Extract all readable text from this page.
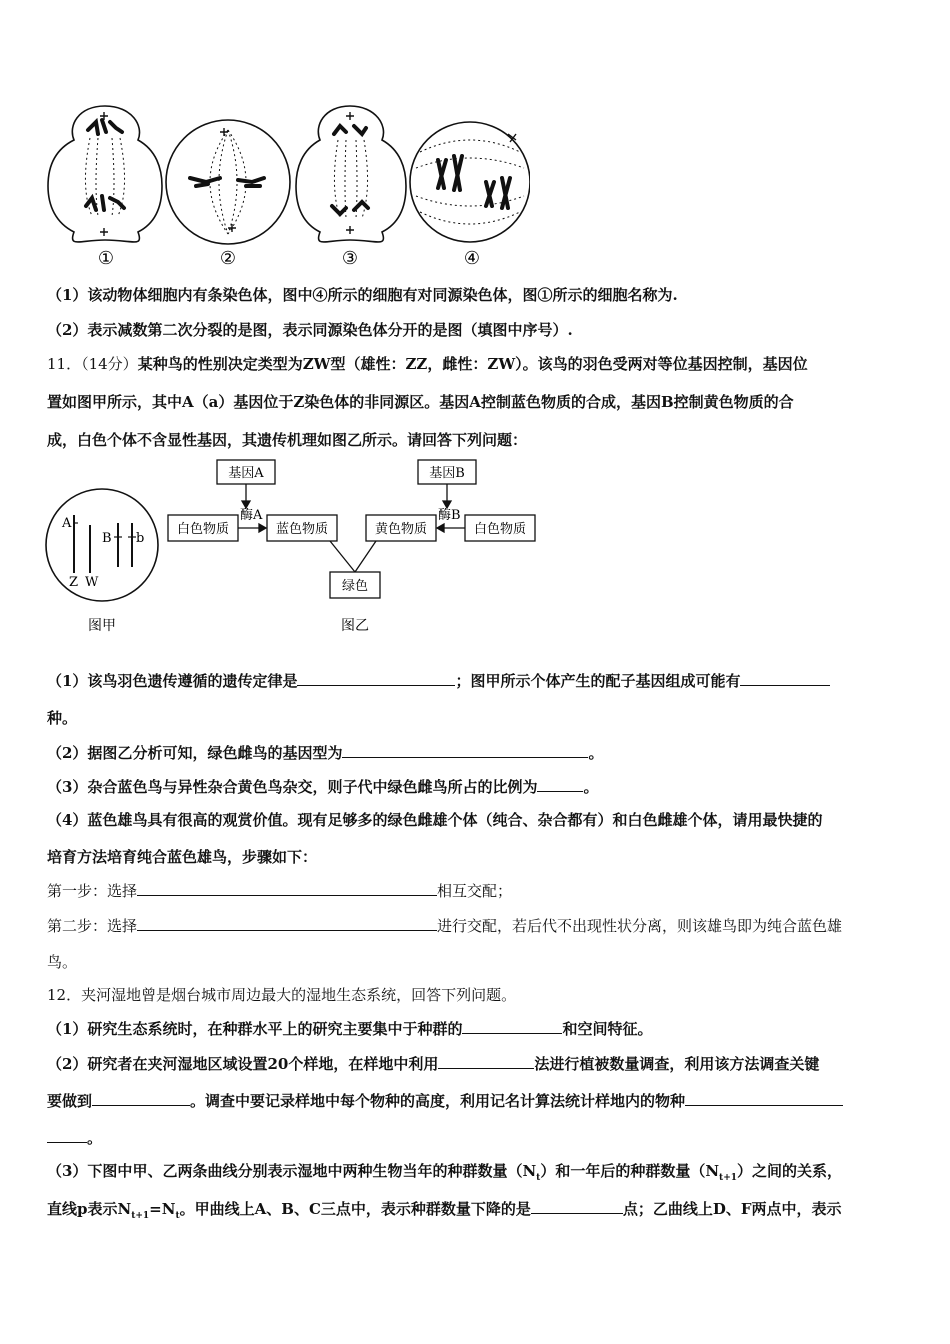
①	②	③	④
（1）该动物体细胞内有条染色体，图中④所示的细胞有对同源染色体，图①所示的细胞名称为.
（2）表示减数第二次分裂的是图，表示同源染色体分开的是图（填图中序号）.
11．（14分）某种鸟的性别决定类型为ZW型（雄性：ZZ，雌性：ZW）。该鸟的羽色受两对等位基因控制，基因位
置如图甲所示，其中A（a）基因位于Z染色体的非同源区。基因A控制蓝色物质的合成，基因B控制黄色物质的合
成，白色个体不含显性基因，其遗传机理如图乙所示。请回答下列问题：
A
B b
Z W
图甲
基因A	基因B
酶A	酶B
白色物质	蓝色物质	黄色物质	白色物质
绿色
图乙
（1）该鸟羽色遗传遵循的遗传定律是	；图甲所示个体产生的配子基因组成可能有
种。
（2）据图乙分析可知，绿色雌鸟的基因型为	。
（3）杂合蓝色鸟与异性杂合黄色鸟杂交，则子代中绿色雌鸟所占的比例为	。
（4）蓝色雄鸟具有很高的观赏价值。现有足够多的绿色雌雄个体（纯合、杂合都有）和白色雌雄个体，请用最快捷的
培育方法培育纯合蓝色雄鸟，步骤如下：
第一步：选择	相互交配；
第二步：选择	进行交配，若后代不出现性状分离，则该雄鸟即为纯合蓝色雄
鸟。
12．夹河湿地曾是烟台城市周边最大的湿地生态系统，回答下列问题。
（1）研究生态系统时，在种群水平上的研究主要集中于种群的	和空间特征。
（2）研究者在夹河湿地区域设置20个样地，在样地中利用	法进行植被数量调查，利用该方法调查关键
要做到	。调查中要记录样地中每个物种的高度，利用记名计算法统计样地内的物种
。
（3）下图中甲、乙两条曲线分别表示湿地中两种生物当年的种群数量$(N_t)$和一年后的种群数量$(N_{t+1})$之间的关系，
直线p表示$N_{t+1}=N_t$。甲曲线上A、B、C三点中，表示种群数量下降的是	点；乙曲线上D、F两点中，表示
